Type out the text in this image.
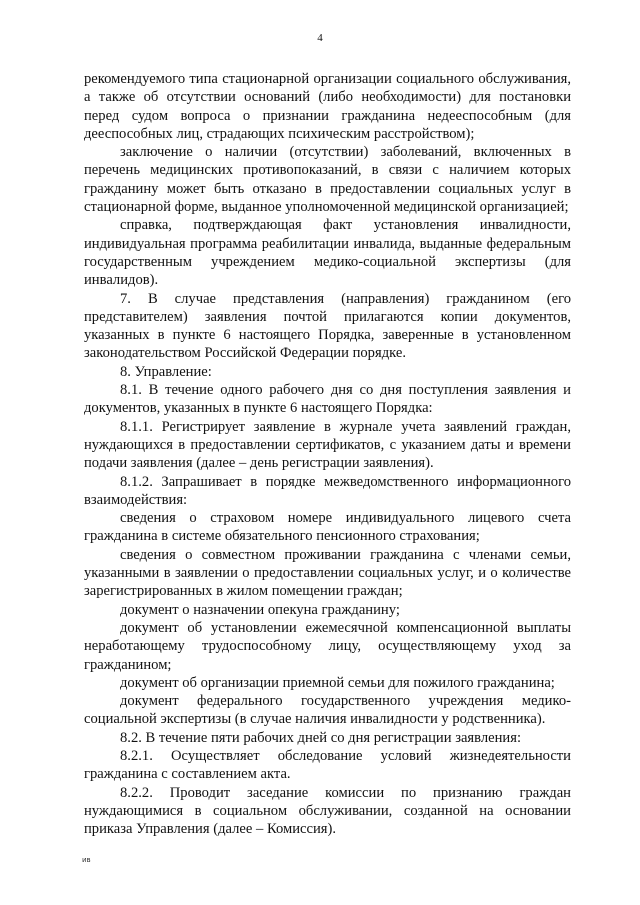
4

рекомендуемого типа стационарной организации социального обслуживания, а также об отсутствии оснований (либо необходимости) для постановки перед судом вопроса о признании гражданина недееспособным (для дееспособных лиц, страдающих психическим расстройством);

заключение о наличии (отсутствии) заболеваний, включенных в перечень медицинских противопоказаний, в связи с наличием которых гражданину может быть отказано в предоставлении социальных услуг в стационарной форме, выданное уполномоченной медицинской организацией;

справка, подтверждающая факт установления инвалидности, индивидуальная программа реабилитации инвалида, выданные федеральным государственным учреждением медико-социальной экспертизы (для инвалидов).

7. В случае представления (направления) гражданином (его представителем) заявления почтой прилагаются копии документов, указанных в пункте 6 настоящего Порядка, заверенные в установленном законодательством Российской Федерации порядке.

8. Управление:

8.1. В течение одного рабочего дня со дня поступления заявления и документов, указанных в пункте 6 настоящего Порядка:

8.1.1. Регистрирует заявление в журнале учета заявлений граждан, нуждающихся в предоставлении сертификатов, с указанием даты и времени подачи заявления (далее – день регистрации заявления).

8.1.2. Запрашивает в порядке межведомственного информационного взаимодействия:

сведения о страховом номере индивидуального лицевого счета гражданина в системе обязательного пенсионного страхования;

сведения о совместном проживании гражданина с членами семьи, указанными в заявлении о предоставлении социальных услуг, и о количестве зарегистрированных в жилом помещении граждан;

документ о назначении опекуна гражданину;

документ об установлении ежемесячной компенсационной выплаты неработающему трудоспособному лицу, осуществляющему уход за гражданином;

документ об организации приемной семьи для пожилого гражданина;

документ федерального государственного учреждения медико-социальной экспертизы (в случае наличия инвалидности у родственника).

8.2. В течение пяти рабочих дней со дня регистрации заявления:

8.2.1. Осуществляет обследование условий жизнедеятельности гражданина с составлением акта.

8.2.2. Проводит заседание комиссии по признанию граждан нуждающимися в социальном обслуживании, созданной на основании приказа Управления (далее – Комиссия).

ив
